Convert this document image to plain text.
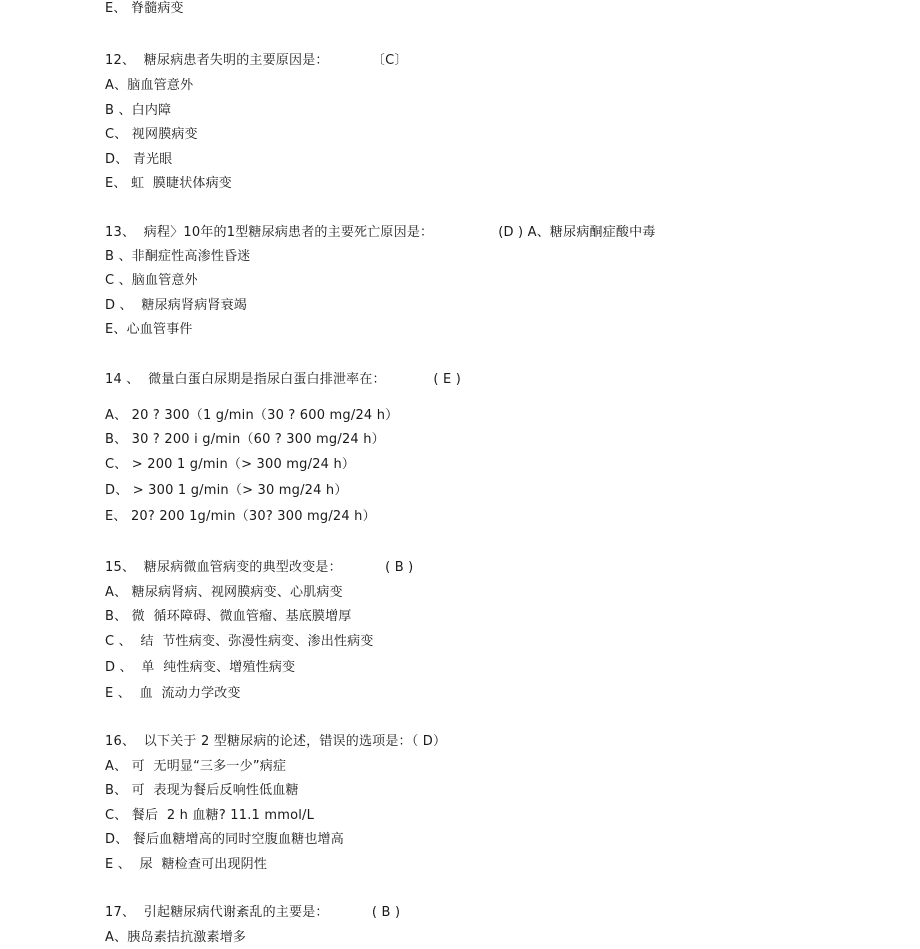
E、 脊髓病变
12、  糖尿病患者失明的主要原因是：          〔C〕
A、脑血管意外
B 、白内障
C、 视网膜病变
D、 青光眼
E、 虹  膜睫状体病变
13、  病程〉10年的1型糖尿病患者的主要死亡原因是：               (D ) A、糖尿病酮症酸中毒
B 、非酮症性高渗性昏迷
C 、脑血管意外
D 、  糖尿病肾病肾衰竭
E、心血管事件
14 、  微量白蛋白尿期是指尿白蛋白排泄率在：           ( E )
A、 20 ? 300（1 g/min（30 ? 600 mg/24 h）
B、 30 ? 200 i g/min（60 ? 300 mg/24 h）
C、 > 200 1 g/min（> 300 mg/24 h）
D、 > 300 1 g/min（> 30 mg/24 h）
E、 20? 200 1g/min（30? 300 mg/24 h）
15、  糖尿病微血管病变的典型改变是：          ( B )
A、 糖尿病肾病、视网膜病变、心肌病变
B、 微  循环障碍、微血管瘤、基底膜增厚
C 、  结  节性病变、弥漫性病变、渗出性病变
D 、  单  纯性病变、增殖性病变
E 、  血  流动力学改变
16、  以下关于 2 型糖尿病的论述，错误的选项是：（ D）
A、 可  无明显“三多一少”病症
B、 可  表现为餐后反响性低血糖
C、 餐后  2 h 血糖? 11.1 mmol/L
D、 餐后血糖增高的同时空腹血糖也增高
E 、  尿  糖检查可出现阴性
17、  引起糖尿病代谢紊乱的主要是：          ( B )
A、胰岛素拮抗激素增多
